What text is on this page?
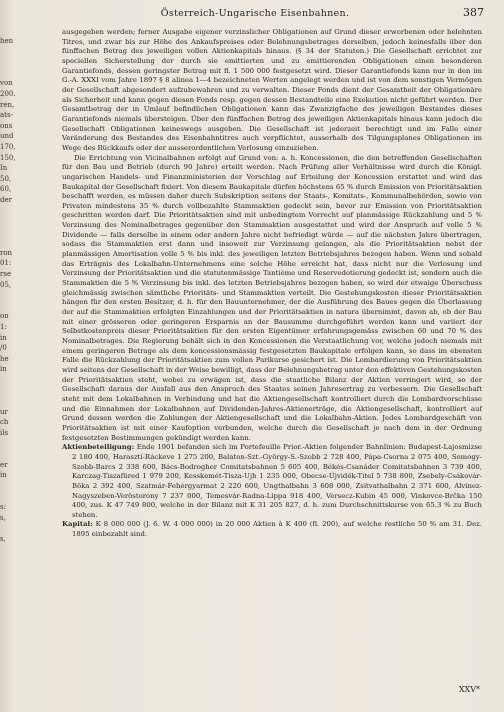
hen

von
200.
ren,
ats-
ons
und
170,
150,
In
50,
60,
der

ron
01:
rse
05,

on
1:
in
/0
he
in

ur
ch
ils

er
in

s:
s,

s,
Österreich-Ungarische Eisenbahnen.	387

ausgegeben werden; ferner Ausgabe eigener verzinslicher Obligationen auf Grund dieser erworbenen oder belehnten Titres, und zwar bis zur Höhe des Ankaufspreises oder Belehnungsbetrages derselben, jedoch keinesfalls über den fünffachen Betrag des jeweiligen vollen Aktienkapitals hinaus. (§ 34 der Statuten.) Die Gesellschaft errichtet zur speciellen Sicherstellung der durch sie emittierten und zu emittierenden Obligationen einen besonderen Garantiefonds, dessen geringster Betrag mit fl. 1 500 000 festgesetzt wird. Dieser Garantiefonds kann nur in den im G.-A. XXXI vom Jahre 1897 § 8 alinea 1—4 bezeichneten Werten angelegt werden und ist von dem sonstigen Vermögen der Gesellschaft abgesondert aufzubewahren und zu verwalten. Dieser Fonds dient der Gesamtheit der Obligationäre als Sicherheit und kann gegen diesen Fonds resp. gegen dessen Bestandteile eine Exekution nicht geführt werden. Der Gesamtbetrag der in Umlauf befindlichen Obligationen kann das Zwanzigfache des jeweiligen Bestandes dieses Garantiefonds niemals übersteigen. Über den fünffachen Betrag des jeweiligen Aktienkapitals hinaus kann jedoch die Gesellschaft Obligationen keineswegs ausgeben. Die Gesellschaft ist jederzeit berechtigt und im Falle einer Veränderung des Bestandes des Eisenbahntitres auch verpflichtet, ausserhalb des Tilgungsplanes Obligationen im Wege des Rückkaufs oder der ausserordentlichen Verlosung einzuziehen.

Die Errichtung von Vicinalbahnen erfolgt auf Grund von: a. h. Koncessionen, die den betreffenden Gesellschaften für den Bau und Betrieb (durch 90 Jahre) erteilt werden. Nach Prüfung aller Verhältnisse wird durch die Königl. ungarischen Handels- und Finanzministerien der Vorschlag auf Erteilung der Koncession erstattet und wird das Baukapital der Gesellschaft fixiert. Von diesem Baukapitale dürfen höchstens 65 % durch Emission von Prioritätsaktien beschafft werden, es müssen daher durch Subskription seitens der Staats-, Komitats-, Kommunalbehörden, sowie von Privaten mindestens 35 % durch vollbezahlte Stammaktien gedeckt sein, bevor zur Emission von Prioritätsaktien geschritten werden darf. Die Prioritätsaktien sind mit unbedingtem Vorrecht auf planmässige Rückzahlung und 5 % Verzinsung des Nominalbetrages gegenüber den Stammaktien ausgestattet und wird der Anspruch auf volle 5 % Dividende — falls derselbe in einem oder andern Jahre nicht befriedigt würde — auf die nächsten Jahre übertragen, sodass die Stammaktien erst dann und insoweit zur Verzinsung gelangen, als die Prioritätsaktien nebst der planmässigen Amortisation volle 5 % bis inkl. des jeweiligen letzten Betriebsjahres bezogen haben. Wenn und sobald das Erträgnis des Lokalbahn-Unternehmens eine solche Höhe erreicht hat, dass nicht nur die Verlosung und Verzinsung der Prioritätsaktien und die statutenmässige Tantième und Reservedotierung gedeckt ist, sondern auch die Stammaktien die 5 % Verzinsung bis inkl. des letzten Betriebsjahres bezogen haben, so wird der etwaige Überschuss gleichmässig zwischen sämtliche Prioritäts- und Stammaktien verteilt. Die Gestehungskosten dieser Prioritätsaktien hängen für den ersten Besitzer, d. h. für den Bauunternehmer, der die Ausführung des Baues gegen die Überlassung der auf die Stammaktien erfolgten Einzahlungen und der Prioritätsaktien in natura übernimmt, davon ab, ob der Bau mit einer grösseren oder geringeren Ersparnis an der Bausumme durchgeführt werden kann und variiert der Selbstkostenpreis dieser Prioritätsaktien für den ersten Eigentümer erfahrungsgemäss zwischen 60 und 70 % des Nominalbetrages. Die Regierung behält sich in den Koncessionen die Verstaatlichung vor, welche jedoch niemals mit einem geringeren Betrage als dem koncessionsmässig festgesetzten Baukapitale erfolgen kann, so dass im ebensten Falle die Rückzahlung der Prioritätsaktien zum vollen Parikurse gesichert ist. Die Lombardierung von Prioritätsaktien wird seitens der Gesellschaft in der Weise bewilligt, dass der Belehnungsbetrag unter den effektiven Gestehungskosten der Prioritätsaktien steht, wobei zu erwägen ist, dass die staatliche Bilanz der Aktien verringert wird, so der Gesellschaft daraus der Ausfall aus den Anspruch des Staates seinen Jahresertrag zu verbessern. Die Gesellschaft steht mit dem Lokalbahnen in Verbindung und hat die Aktiengesellschaft kontrolliert durch die Lombardvorschüsse und die Einnahmen der Lokalbahnen auf Dividenden-Jahres-Aktienerträge, die Aktiengesellschaft, kontrolliert auf Grund dessen werden die Zahlungen der Aktiengesellschaft und die Lokalbahn-Aktien. Jedes Lombardgeschäft von Prioritätsaktien ist mit einer Kaufoption verbunden, welche durch die Gesellschaft je nach dem in der Ordnung festgesetzten Bestimmungen gekündigt werden kann.

Aktienbeteiligung: Ende 1901 befanden sich im Portefeuille Prior.-Aktien folgender Bahnlinien: Budapest-Lajosmizse 2 180 400, Harasztí-Ráckeve 1 275 200, Balaton-Szt.-György-S.-Szobb 2 728 400, Pápa-Csorna 2 075 400, Somogy-Szobb-Barcs 2 338 600, Bács-Bodrogher Comitatsbahnen 5 605 400, Békés-Csanáder Comitatsbahnen 3 739 400, Karczag-Tiszafüred 1 979 200, Kesskemét-Tisza-Ujh 1 235 000, Obecse-Újvidék-Titel 5 738 800, Zsebely-Csákovár-Böka 2 392 400, Szatmár-Fehérgyarmat 2 220 600, Ungthalbahn 3 608 000, Zsitvathalbahn 2 371 600, Alvinez-Nagyszeben-Veröstorony 7 237 000, Temesvár-Radna-Lippa 918 400, Versecz-Kubin 45 000, Vinkovce-Brčka 150 400, zus. K 47 749 800, welche in der Bilanz mit K 31 205 827, d. h. zum Durchschnittskurse von 65.3 % zu Buch stehen.

Kapital: K 8 000 000 (J. 6. W. 4 000 000) in 20 000 Aktien à K 400 (fl. 200), auf welche restliche 50 % am 31. Dez. 1895 einbezahlt sind.

XXV*
